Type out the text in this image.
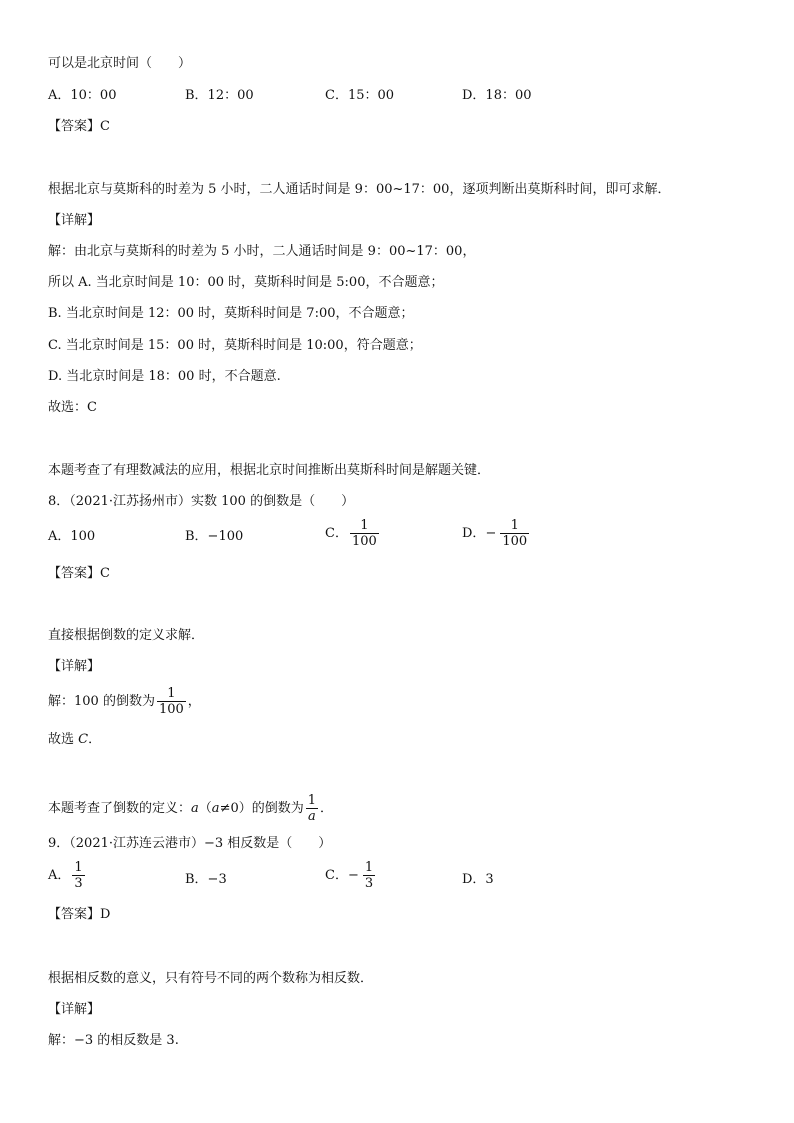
可以是北京时间（　　）
A．10：00	B．12：00	C．15：00	D．18：00
【答案】C
根据北京与莫斯科的时差为 5 小时，二人通话时间是 9：00~17：00，逐项判断出莫斯科时间，即可求解．
【详解】
解：由北京与莫斯科的时差为 5 小时，二人通话时间是 9：00~17：00，
所以 A. 当北京时间是 10：00 时，莫斯科时间是 5:00，不合题意；
B. 当北京时间是 12：00 时，莫斯科时间是 7:00，不合题意；
C. 当北京时间是 15：00 时，莫斯科时间是 10:00，符合题意；
D. 当北京时间是 18：00 时，不合题意.
故选：C
本题考查了有理数减法的应用，根据北京时间推断出莫斯科时间是解题关键．
8．（2021·江苏扬州市）实数 100 的倒数是（　　）
A．100	B．−100	C． $\frac{1}{100}$	D．− $\frac{1}{100}$
【答案】C
直接根据倒数的定义求解．
【详解】
解：100 的倒数为 $\frac{1}{100}$ ，
故选 C．
本题考查了倒数的定义：a（a≠0）的倒数为 $\frac{1}{a}$ ．
9．（2021·江苏连云港市）−3 相反数是（　　）
A． $\frac{1}{3}$	B．−3	C．− $\frac{1}{3}$	D．3
【答案】D
根据相反数的意义，只有符号不同的两个数称为相反数．
【详解】
解：−3 的相反数是 3.
